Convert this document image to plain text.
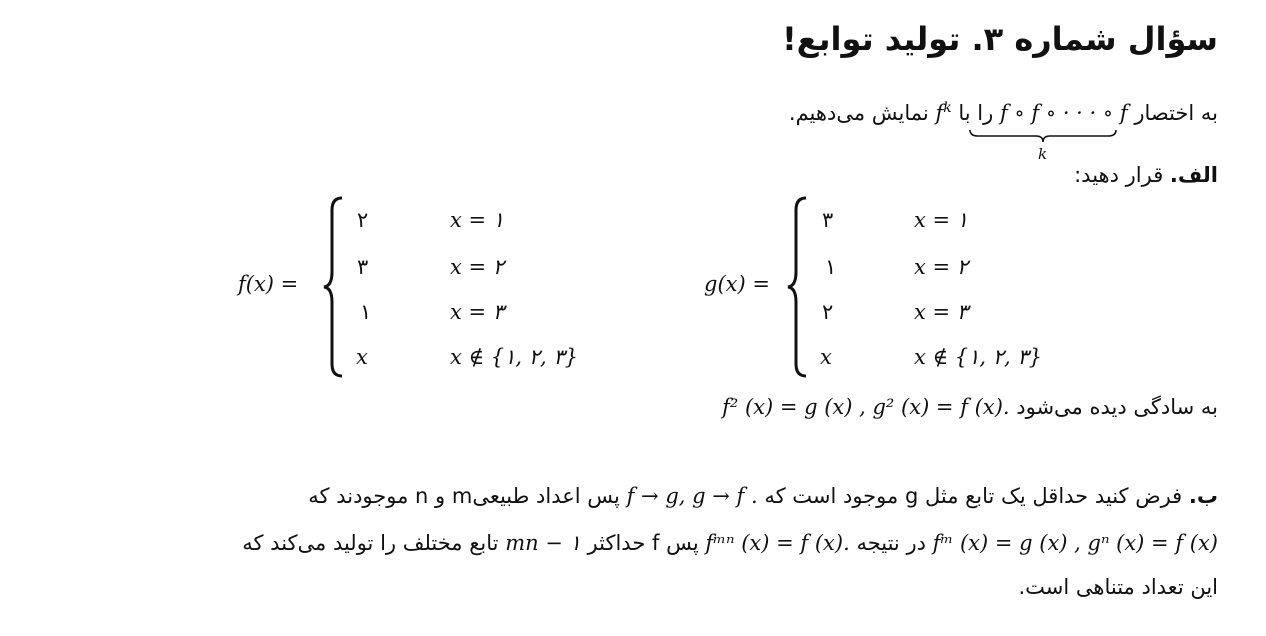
سؤال شماره ۳. تولید توابع!
به اختصار f ∘ f ∘ · · · ∘ f را با $f^k$ نمایش می‌دهیم.
k
الف. قرار دهید:
f(x) =
۲	x = ۱
۳	x = ۲
۱	x = ۳
x	x ∉ {۱, ۲, ۳}
g(x) =
۳	x = ۱
۱	x = ۲
۲	x = ۳
x	x ∉ {۱, ۲, ۳}
به سادگی دیده می‌شود f² (x) = g (x) , g² (x) = f (x).
ب. فرض کنید حداقل یک تابع مثل g موجود است که f → g, g → f . پس اعداد طبیعیm و n موجودند که
fᵐ (x) = g (x) , gⁿ (x) = f (x) در نتیجه fᵐⁿ (x) = f (x). پس f حداکثر mn − ۱ تابع مختلف را تولید می‌کند که
این تعداد متناهی است.
